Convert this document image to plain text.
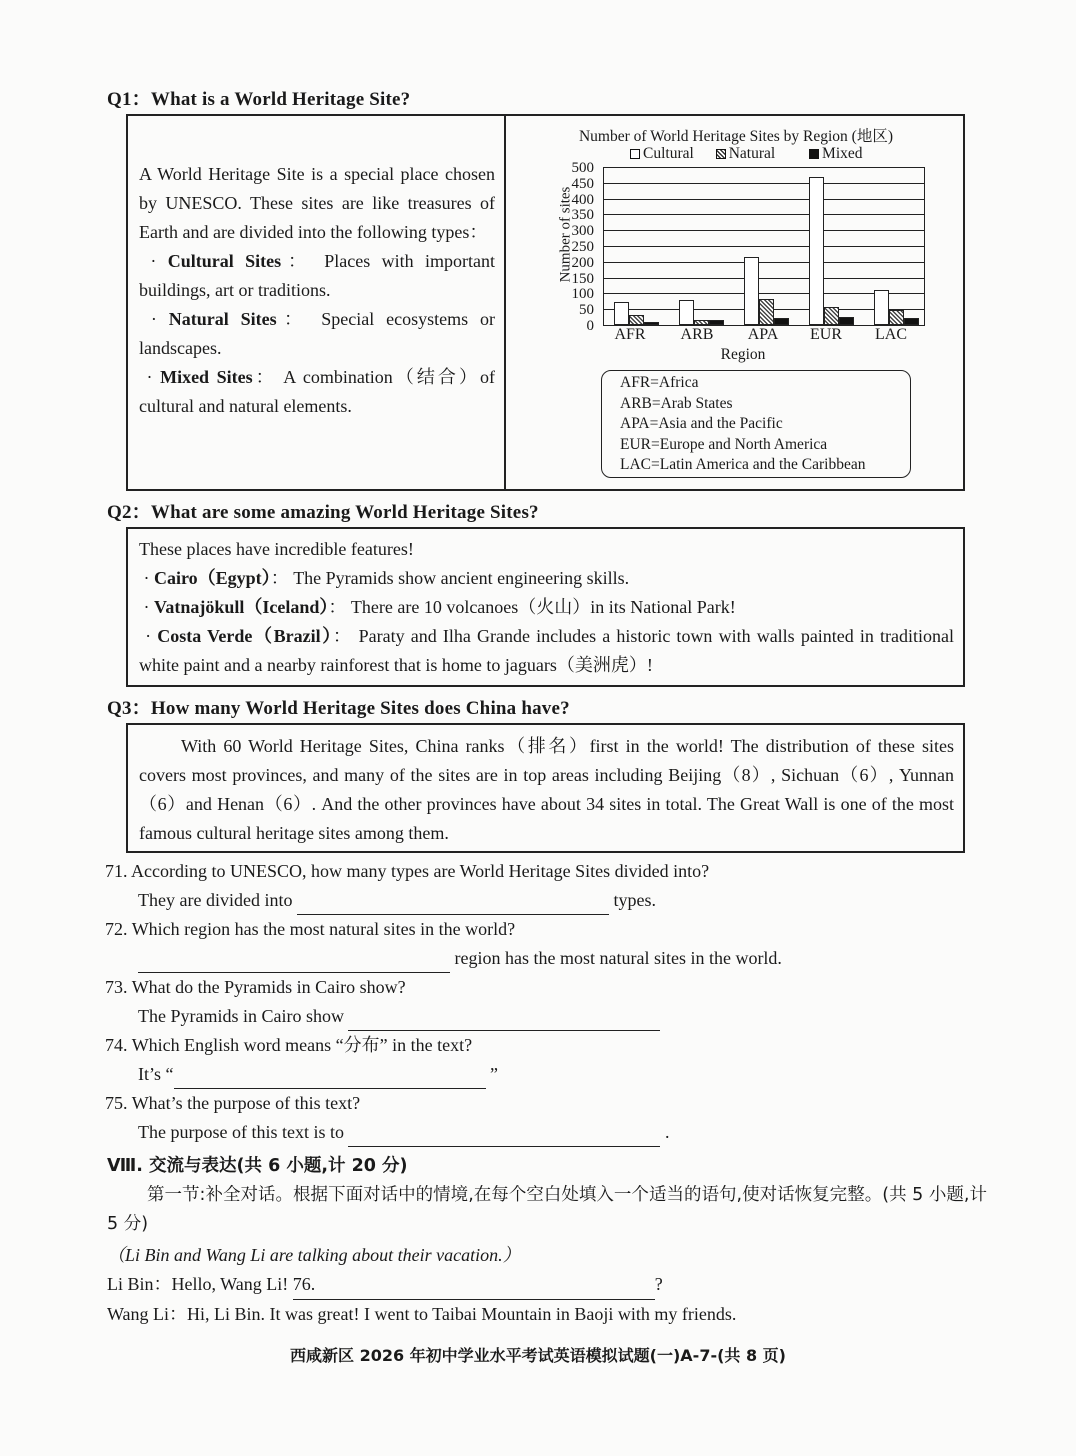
Q1：What is a World Heritage Site?
A World Heritage Site is a special place chosen by UNESCO. These sites are like treasures of Earth and are divided into the following types：
· Cultural Sites： Places with important buildings, art or traditions.
· Natural Sites： Special ecosystems or landscapes.
· Mixed Sites： A combination（结合）of cultural and natural elements.
Number of World Heritage Sites by Region (地区)
Cultural Natural	Mixed
Number of sites
500
450
400
350
300
250
200
150
100
50
0	AFR	ARB	APA	EUR	LAC
Region
AFR=Africa
ARB=Arab States
APA=Asia and the Pacific
EUR=Europe and North America
LAC=Latin America and the Caribbean
Q2：What are some amazing World Heritage Sites?
These places have incredible features!
· Cairo（Egypt）： The Pyramids show ancient engineering skills.
· Vatnajökull（Iceland）： There are 10 volcanoes（火山）in its National Park!
· Costa Verde（Brazil）： Paraty and Ilha Grande includes a historic town with walls painted in traditional white paint and a nearby rainforest that is home to jaguars（美洲虎）!
Q3：How many World Heritage Sites does China have?
With 60 World Heritage Sites, China ranks（排名）first in the world! The distribution of these sites covers most provinces, and many of the sites are in top areas including Beijing（8）, Sichuan（6）, Yunnan（6）and Henan（6）. And the other provinces have about 34 sites in total. The Great Wall is one of the most famous cultural heritage sites among them.
71. According to UNESCO, how many types are World Heritage Sites divided into?
They are divided into	types.
72. Which region has the most natural sites in the world?
region has the most natural sites in the world.
73. What do the Pyramids in Cairo show?
The Pyramids in Cairo show
74. Which English word means “分布” in the text?
It’s “	”
75. What’s the purpose of this text?
The purpose of this text is to	.
Ⅷ. 交流与表达(共 6 小题,计 20 分)
第一节:补全对话。根据下面对话中的情境,在每个空白处填入一个适当的语句,使对话恢复完整。(共 5 小题,计 5 分)
（Li Bin and Wang Li are talking about their vacation.）
Li Bin：Hello, Wang Li! 76.	?
Wang Li：Hi, Li Bin. It was great! I went to Taibai Mountain in Baoji with my friends.
西咸新区 2026 年初中学业水平考试英语模拟试题(一)A-7-(共 8 页)
